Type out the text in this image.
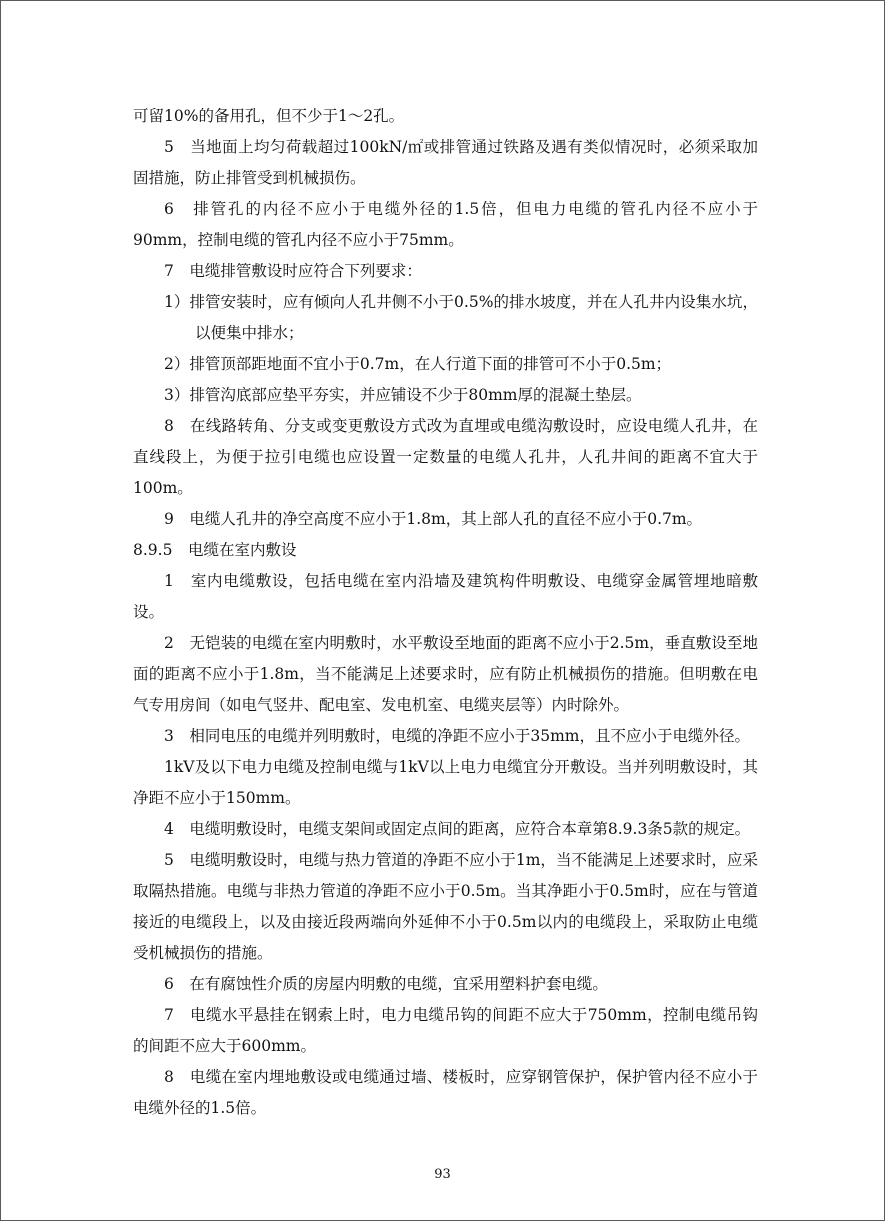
可留10%的备用孔，但不少于1～2孔。

5　当地面上均匀荷载超过100kN/㎡或排管通过铁路及遇有类似情况时，必须采取加固措施，防止排管受到机械损伤。

6　排管孔的内径不应小于电缆外径的1.5倍，但电力电缆的管孔内径不应小于90mm，控制电缆的管孔内径不应小于75mm。

7　电缆排管敷设时应符合下列要求：

1）排管安装时，应有倾向人孔井侧不小于0.5%的排水坡度，并在人孔井内设集水坑，以便集中排水；

2）排管顶部距地面不宜小于0.7m，在人行道下面的排管可不小于0.5m；

3）排管沟底部应垫平夯实，并应铺设不少于80mm厚的混凝土垫层。

8　在线路转角、分支或变更敷设方式改为直埋或电缆沟敷设时，应设电缆人孔井，在直线段上，为便于拉引电缆也应设置一定数量的电缆人孔井，人孔井间的距离不宜大于100m。

9　电缆人孔井的净空高度不应小于1.8m，其上部人孔的直径不应小于0.7m。

8.9.5　电缆在室内敷设

1　室内电缆敷设，包括电缆在室内沿墙及建筑构件明敷设、电缆穿金属管埋地暗敷设。

2　无铠装的电缆在室内明敷时，水平敷设至地面的距离不应小于2.5m，垂直敷设至地面的距离不应小于1.8m，当不能满足上述要求时，应有防止机械损伤的措施。但明敷在电气专用房间（如电气竖井、配电室、发电机室、电缆夹层等）内时除外。

3　相同电压的电缆并列明敷时，电缆的净距不应小于35mm，且不应小于电缆外径。

1kV及以下电力电缆及控制电缆与1kV以上电力电缆宜分开敷设。当并列明敷设时，其净距不应小于150mm。

4　电缆明敷设时，电缆支架间或固定点间的距离，应符合本章第8.9.3条5款的规定。

5　电缆明敷设时，电缆与热力管道的净距不应小于1m，当不能满足上述要求时，应采取隔热措施。电缆与非热力管道的净距不应小于0.5m。当其净距小于0.5m时，应在与管道接近的电缆段上，以及由接近段两端向外延伸不小于0.5m以内的电缆段上，采取防止电缆受机械损伤的措施。

6　在有腐蚀性介质的房屋内明敷的电缆，宜采用塑料护套电缆。

7　电缆水平悬挂在钢索上时，电力电缆吊钩的间距不应大于750mm，控制电缆吊钩的间距不应大于600mm。

8　电缆在室内埋地敷设或电缆通过墙、楼板时，应穿钢管保护，保护管内径不应小于电缆外径的1.5倍。

93
